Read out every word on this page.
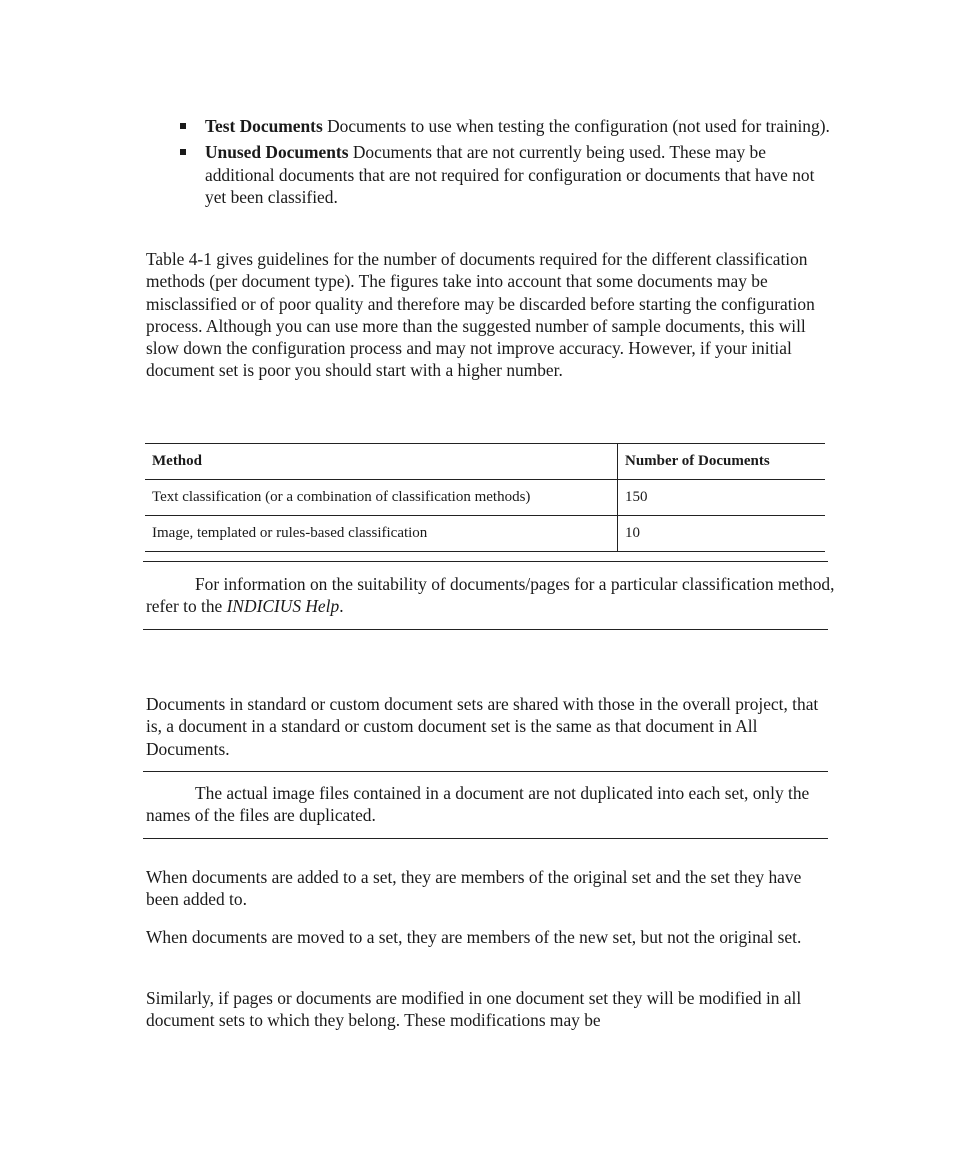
Test Documents Documents to use when testing the configuration (not used for training).
Unused Documents Documents that are not currently being used. These may be additional documents that are not required for configuration or documents that have not yet been classified.

Table 4-1 gives guidelines for the number of documents required for the different classification methods (per document type). The figures take into account that some documents may be misclassified or of poor quality and therefore may be discarded before starting the configuration process. Although you can use more than the suggested number of sample documents, this will slow down the configuration process and may not improve accuracy. However, if your initial document set is poor you should start with a higher number.

Method	Number of Documents
Text classification (or a combination of classification methods)	150
Image, templated or rules-based classification	10

For information on the suitability of documents/pages for a particular classification method, refer to the INDICIUS Help.

Documents in standard or custom document sets are shared with those in the overall project, that is, a document in a standard or custom document set is the same as that document in All Documents.

The actual image files contained in a document are not duplicated into each set, only the names of the files are duplicated.

When documents are added to a set, they are members of the original set and the set they have been added to.

When documents are moved to a set, they are members of the new set, but not the original set.

Similarly, if pages or documents are modified in one document set they will be modified in all document sets to which they belong. These modifications may be
